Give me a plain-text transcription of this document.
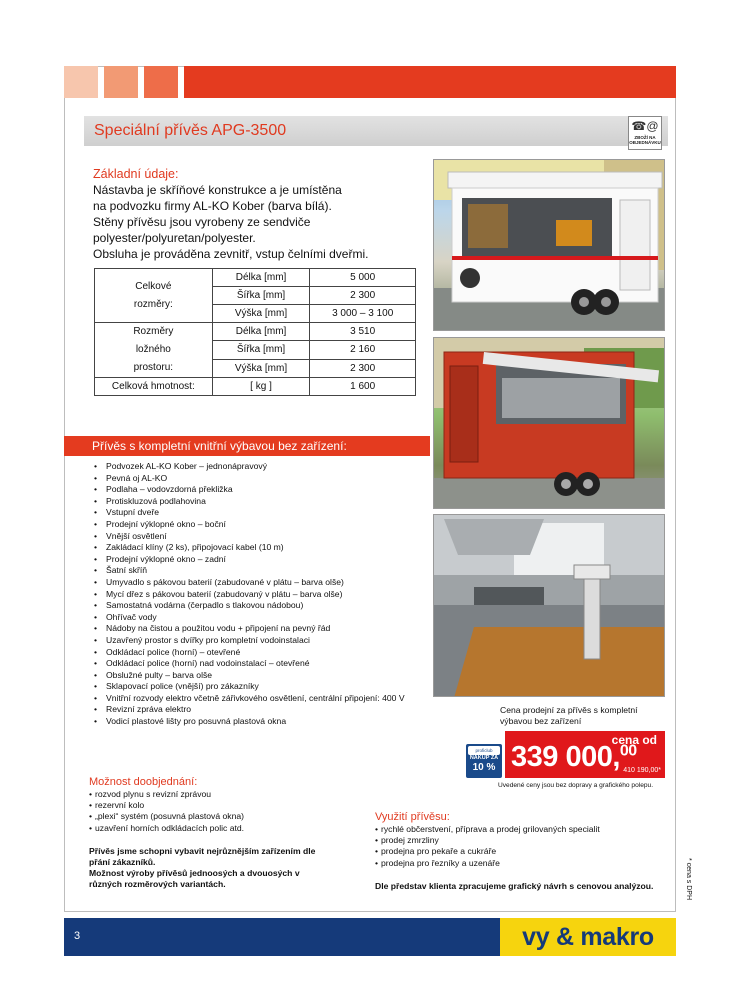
Speciální přívěs APG-3500	☎@
ZBOŽÍ NA OBJEDNÁVKU
Základní údaje:
Nástavba je skříňové konstrukce a je umístěna
na podvozku firmy AL-KO Kober (barva bílá).
Stěny přívěsu jsou vyrobeny ze sendviče
polyester/polyuretan/polyester.
Obsluha je prováděna zevnitř, vstup čelními dveřmi.
Celkové
rozměry:	Délka [mm]	5 000
	Šířka [mm]	2 300
	Výška [mm]	3 000 – 3 100

Rozměry
ložného
prostoru:	Délka [mm]	3 510
	Šířka [mm]	2 160
	Výška [mm]	2 300
Celková hmotnost:	[ kg ]	1 600
Přívěs s kompletní vnitřní výbavou bez zařízení:
• Podvozek AL-KO Kober – jednonápravový
• Pevná oj AL-KO
• Podlaha – vodovzdorná překližka
• Protiskluzová podlahovina
• Vstupní dveře
• Prodejní výklopné okno – boční
• Vnější osvětlení
• Zakládací klíny (2 ks), připojovací kabel (10 m)
• Prodejní výklopné okno – zadní
• Šatní skříň
• Umyvadlo s pákovou baterií (zabudované v plátu – barva olše)
• Mycí dřez s pákovou baterií (zabudovaný v plátu – barva olše)
• Samostatná vodárna (čerpadlo s tlakovou nádobou)
• Ohřívač vody
• Nádoby na čistou a použitou vodu + připojení na pevný řád
• Uzavřený prostor s dvířky pro kompletní vodoinstalaci
• Odkládací police (horní) – otevřené
• Odkládací police (horní) nad vodoinstalací – otevřené
• Obslužné pulty – barva olše
• Sklapovací police (vnější) pro zákazníky
• Vnitřní rozvody elektro včetně zářivkového osvětlení, centrální připojení: 400 V
• Revizní zpráva elektro
• Vodicí plastové lišty pro posuvná plastová okna
Cena prodejní za přívěs s kompletní výbavou bez zařízení
proficlub
NÁKUP ZA
10 %
cena od
339 000,00
410 190,00*
Uvedené ceny jsou bez dopravy a grafického polepu.
Možnost doobjednání:
• rozvod plynu s revizní zprávou
• rezervní kolo
• „plexi“ systém (posuvná plastová okna)
• uzavření horních odkládacích polic atd.
Přívěs jsme schopni vybavit nejrůznějším zařízením dle přání zákazníků.
Možnost výroby přívěsů jednoosých a dvouosých v různých rozměrových variantách.
Využití přívěsu:
• rychlé občerstvení, příprava a prodej grilovaných specialit
• prodej zmrzliny
• prodejna pro pekaře a cukráře
• prodejna pro řezníky a uzenáře
Dle představ klienta zpracujeme grafický návrh s cenovou analýzou.	* cena s DPH
3	vy & makro
